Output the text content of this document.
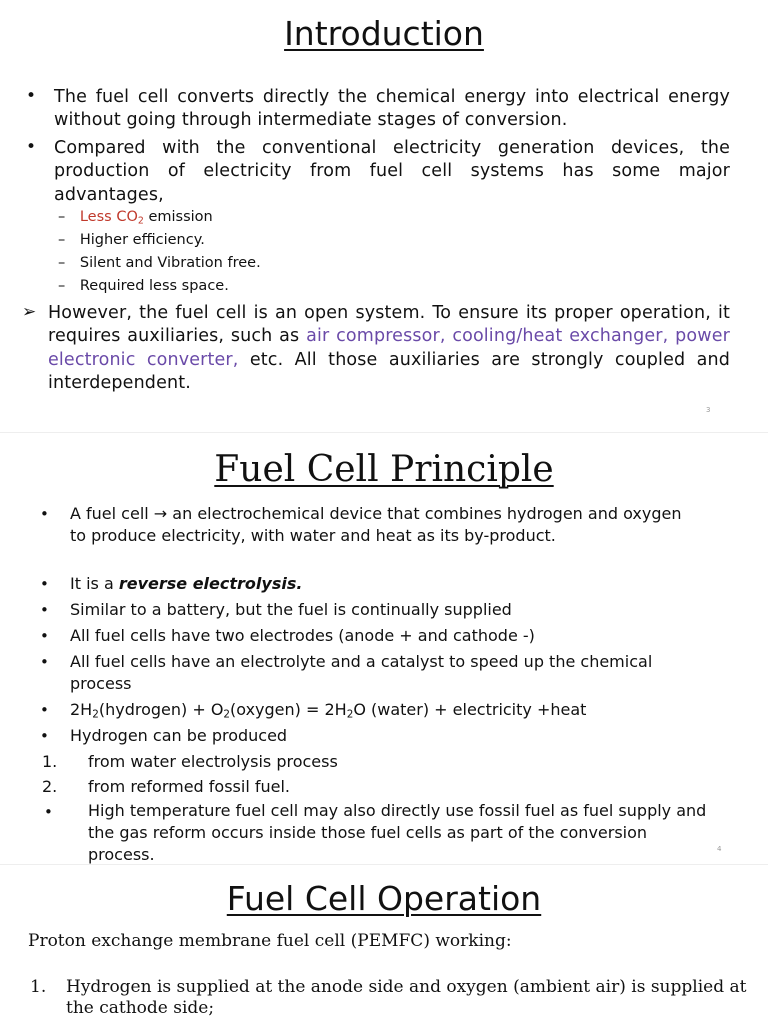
Introduction
• The fuel cell converts directly the chemical energy into electrical energy without going through intermediate stages of conversion.
• Compared with the conventional electricity generation devices, the production of electricity from fuel cell systems has some major advantages,
– Less $CO_2$ emission
– Higher efficiency.
– Silent and Vibration free.
– Required less space.
➢ However, the fuel cell is an open system. To ensure its proper operation, it requires auxiliaries, such as air compressor, cooling/heat exchanger, power electronic converter, etc. All those auxiliaries are strongly coupled and interdependent.
3
Fuel Cell Principle
• A fuel cell → an electrochemical device that combines hydrogen and oxygen to produce electricity, with water and heat as its by-product.
• It is a reverse electrolysis.
• Similar to a battery, but the fuel is continually supplied
• All fuel cells have two electrodes (anode + and cathode -)
• All fuel cells have an electrolyte and a catalyst to speed up the chemical process
• $2H_2(hydrogen)$ + $O_2(oxygen) = 2H_2O$ (water) + electricity +heat
• Hydrogen can be produced
1. from water electrolysis process
2. from reformed fossil fuel.
• High temperature fuel cell may also directly use fossil fuel as fuel supply and the gas reform occurs inside those fuel cells as part of the conversion process.	4
Fuel Cell Operation
Proton exchange membrane fuel cell (PEMFC) working:
1. Hydrogen is supplied at the anode side and oxygen (ambient air) is supplied at the cathode side;
